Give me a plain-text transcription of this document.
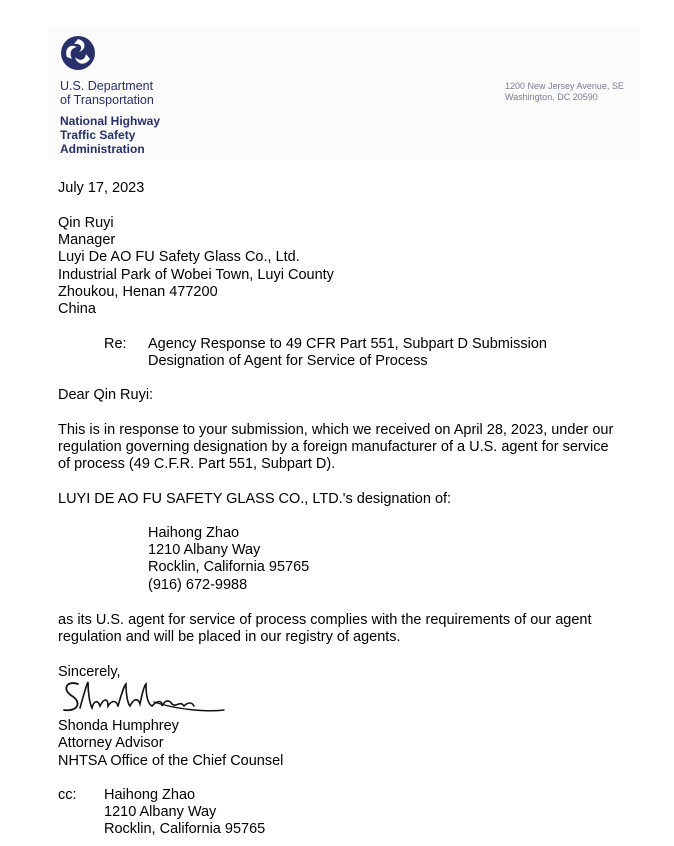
U.S. Department
of Transportation
National Highway
Traffic Safety
Administration
1200 New Jersey Avenue, SE
Washington, DC 20590
July 17, 2023
Qin Ruyi
Manager
Luyi De AO FU Safety Glass Co., Ltd.
Industrial Park of Wobei Town, Luyi County
Zhoukou, Henan 477200
China
Re: Agency Response to 49 CFR Part 551, Subpart D Submission
Designation of Agent for Service of Process
Dear Qin Ruyi:
This is in response to your submission, which we received on April 28, 2023, under our
regulation governing designation by a foreign manufacturer of a U.S. agent for service
of process (49 C.F.R. Part 551, Subpart D).
LUYI DE AO FU SAFETY GLASS CO., LTD.'s designation of:
Haihong Zhao
1210 Albany Way
Rocklin, California 95765
(916) 672-9988
as its U.S. agent for service of process complies with the requirements of our agent
regulation and will be placed in our registry of agents.
Sincerely,
Shonda Humphrey
Attorney Advisor
NHTSA Office of the Chief Counsel
cc: Haihong Zhao
1210 Albany Way
Rocklin, California 95765
